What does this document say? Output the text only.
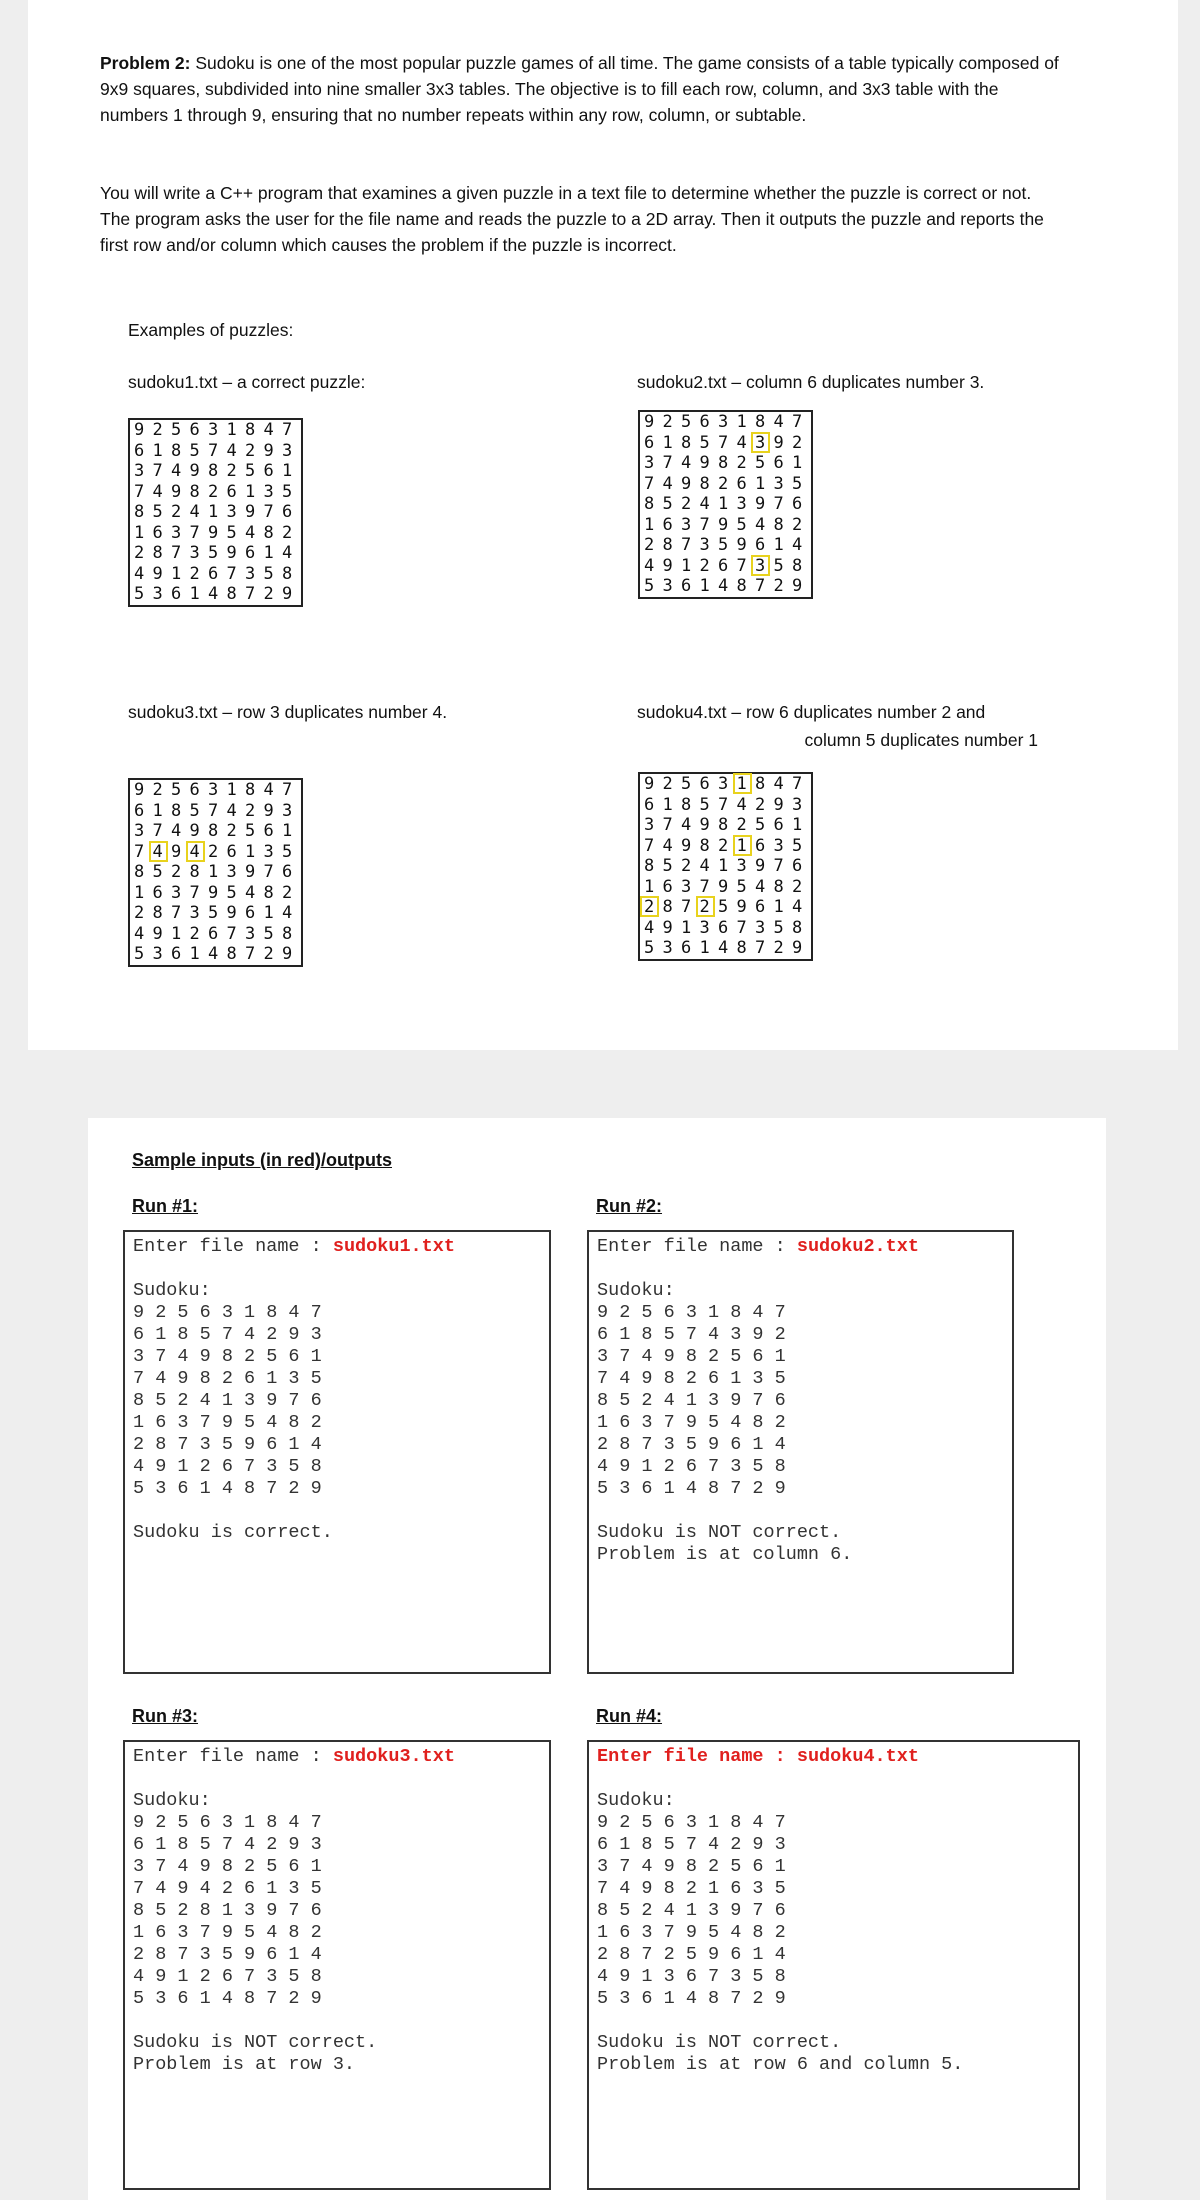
Problem 2: Sudoku is one of the most popular puzzle games of all time. The game consists of a table typically composed of 9x9 squares, subdivided into nine smaller 3x3 tables. The objective is to fill each row, column, and 3x3 table with the numbers 1 through 9, ensuring that no number repeats within any row, column, or subtable.

You will write a C++ program that examines a given puzzle in a text file to determine whether the puzzle is correct or not. The program asks the user for the file name and reads the puzzle to a 2D array. Then it outputs the puzzle and reports the first row and/or column which causes the problem if the puzzle is incorrect.

Examples of puzzles:
sudoku1.txt – a correct puzzle:	sudoku2.txt – column 6 duplicates number 3.
sudoku3.txt – row 3 duplicates number 4.	sudoku4.txt – row 6 duplicates number 2 and
column 5 duplicates number 1
9 2 5 6 3 1 8 4 7
6 1 8 5 7 4 2 9 3
3 7 4 9 8 2 5 6 1
7 4 9 8 2 6 1 3 5
8 5 2 4 1 3 9 7 6
1 6 3 7 9 5 4 8 2
2 8 7 3 5 9 6 1 4
4 9 1 2 6 7 3 5 8
5 3 6 1 4 8 7 2 9
9 2 5 6 3 1 8 4 7
6 1 8 5 7 4 3 9 2
3 7 4 9 8 2 5 6 1
7 4 9 8 2 6 1 3 5
8 5 2 4 1 3 9 7 6
1 6 3 7 9 5 4 8 2
2 8 7 3 5 9 6 1 4
4 9 1 2 6 7 3 5 8
5 3 6 1 4 8 7 2 9
9 2 5 6 3 1 8 4 7
6 1 8 5 7 4 2 9 3
3 7 4 9 8 2 5 6 1
7 4 9 4 2 6 1 3 5
8 5 2 8 1 3 9 7 6
1 6 3 7 9 5 4 8 2
2 8 7 3 5 9 6 1 4
4 9 1 2 6 7 3 5 8
5 3 6 1 4 8 7 2 9
9 2 5 6 3 1 8 4 7
6 1 8 5 7 4 2 9 3
3 7 4 9 8 2 5 6 1
7 4 9 8 2 1 6 3 5
8 5 2 4 1 3 9 7 6
1 6 3 7 9 5 4 8 2
2 8 7 2 5 9 6 1 4
4 9 1 3 6 7 3 5 8
5 3 6 1 4 8 7 2 9
Sample inputs (in red)/outputs
Run #1:	Run #2:
Run #3:	Run #4:
Enter file name : sudoku1.txt
Sudoku:
9 2 5 6 3 1 8 4 7
6 1 8 5 7 4 2 9 3
3 7 4 9 8 2 5 6 1
7 4 9 8 2 6 1 3 5
8 5 2 4 1 3 9 7 6
1 6 3 7 9 5 4 8 2
2 8 7 3 5 9 6 1 4
4 9 1 2 6 7 3 5 8
5 3 6 1 4 8 7 2 9
Sudoku is correct.
Enter file name : sudoku2.txt
Sudoku:
9 2 5 6 3 1 8 4 7
6 1 8 5 7 4 3 9 2
3 7 4 9 8 2 5 6 1
7 4 9 8 2 6 1 3 5
8 5 2 4 1 3 9 7 6
1 6 3 7 9 5 4 8 2
2 8 7 3 5 9 6 1 4
4 9 1 2 6 7 3 5 8
5 3 6 1 4 8 7 2 9
Sudoku is NOT correct.
Problem is at column 6.
Enter file name : sudoku3.txt
Sudoku:
9 2 5 6 3 1 8 4 7
6 1 8 5 7 4 2 9 3
3 7 4 9 8 2 5 6 1
7 4 9 4 2 6 1 3 5
8 5 2 8 1 3 9 7 6
1 6 3 7 9 5 4 8 2
2 8 7 3 5 9 6 1 4
4 9 1 2 6 7 3 5 8
5 3 6 1 4 8 7 2 9
Sudoku is NOT correct.
Problem is at row 3.
Enter file name : sudoku4.txt
Sudoku:
9 2 5 6 3 1 8 4 7
6 1 8 5 7 4 2 9 3
3 7 4 9 8 2 5 6 1
7 4 9 8 2 1 6 3 5
8 5 2 4 1 3 9 7 6
1 6 3 7 9 5 4 8 2
2 8 7 2 5 9 6 1 4
4 9 1 3 6 7 3 5 8
5 3 6 1 4 8 7 2 9
Sudoku is NOT correct.
Problem is at row 6 and column 5.
